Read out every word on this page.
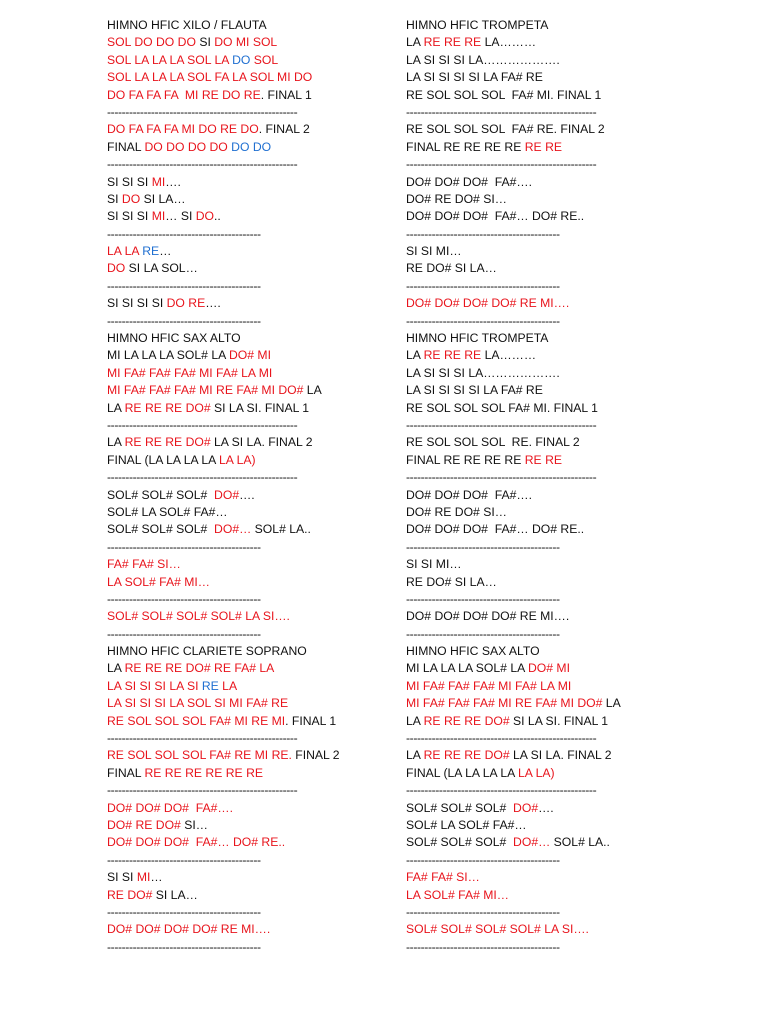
HIMNO HFIC XILO / FLAUTA
SOL DO DO DO SI DO MI SOL
SOL LA LA LA SOL LA DO SOL
SOL LA LA LA SOL FA LA SOL MI DO
DO FA FA FA  MI RE DO RE. FINAL 1
----------------------------------------------------
DO FA FA FA MI DO RE DO. FINAL 2
FINAL DO DO DO DO DO DO
----------------------------------------------------
SI SI SI MI….
SI DO SI LA…
SI SI SI MI… SI DO..
------------------------------------------
LA LA RE…
DO SI LA SOL…
------------------------------------------
SI SI SI SI DO RE….
------------------------------------------
HIMNO HFIC SAX ALTO
MI LA LA LA SOL# LA DO# MI
MI FA# FA# FA# MI FA# LA MI
MI FA# FA# FA# MI RE FA# MI DO# LA
LA RE RE RE DO# SI LA SI. FINAL 1
----------------------------------------------------
LA RE RE RE DO# LA SI LA. FINAL 2
FINAL (LA LA LA LA LA LA)
----------------------------------------------------
SOL# SOL# SOL#  DO#….
SOL# LA SOL# FA#…
SOL# SOL# SOL#  DO#… SOL# LA..
------------------------------------------
FA# FA# SI…
LA SOL# FA# MI…
------------------------------------------
SOL# SOL# SOL# SOL# LA SI….
------------------------------------------
HIMNO HFIC CLARIETE SOPRANO
LA RE RE RE DO# RE FA# LA
LA SI SI SI LA SI RE LA
LA SI SI SI LA SOL SI MI FA# RE
RE SOL SOL SOL FA# MI RE MI. FINAL 1
----------------------------------------------------
RE SOL SOL SOL FA# RE MI RE. FINAL 2
FINAL RE RE RE RE RE RE
----------------------------------------------------
DO# DO# DO#  FA#….
DO# RE DO# SI…
DO# DO# DO#  FA#… DO# RE..
------------------------------------------
SI SI MI…
RE DO# SI LA…
------------------------------------------
DO# DO# DO# DO# RE MI….
------------------------------------------
HIMNO HFIC TROMPETA
LA RE RE RE LA………
LA SI SI SI LA……………….
LA SI SI SI SI LA FA# RE
RE SOL SOL SOL  FA# MI. FINAL 1
----------------------------------------------------
RE SOL SOL SOL  FA# RE. FINAL 2
FINAL RE RE RE RE RE RE
----------------------------------------------------
DO# DO# DO#  FA#….
DO# RE DO# SI…
DO# DO# DO#  FA#… DO# RE..
------------------------------------------
SI SI MI…
RE DO# SI LA…
------------------------------------------
DO# DO# DO# DO# RE MI….
------------------------------------------
HIMNO HFIC TROMPETA
LA RE RE RE LA………
LA SI SI SI LA……………….
LA SI SI SI SI LA FA# RE
RE SOL SOL SOL FA# MI. FINAL 1
----------------------------------------------------
RE SOL SOL SOL  RE. FINAL 2
FINAL RE RE RE RE RE RE
----------------------------------------------------
DO# DO# DO#  FA#….
DO# RE DO# SI…
DO# DO# DO#  FA#… DO# RE..
------------------------------------------
SI SI MI…
RE DO# SI LA…
------------------------------------------
DO# DO# DO# DO# RE MI….
------------------------------------------
HIMNO HFIC SAX ALTO
MI LA LA LA SOL# LA DO# MI
MI FA# FA# FA# MI FA# LA MI
MI FA# FA# FA# MI RE FA# MI DO# LA
LA RE RE RE DO# SI LA SI. FINAL 1
----------------------------------------------------
LA RE RE RE DO# LA SI LA. FINAL 2
FINAL (LA LA LA LA LA LA)
----------------------------------------------------
SOL# SOL# SOL#  DO#….
SOL# LA SOL# FA#…
SOL# SOL# SOL#  DO#… SOL# LA..
------------------------------------------
FA# FA# SI…
LA SOL# FA# MI…
------------------------------------------
SOL# SOL# SOL# SOL# LA SI….
------------------------------------------
